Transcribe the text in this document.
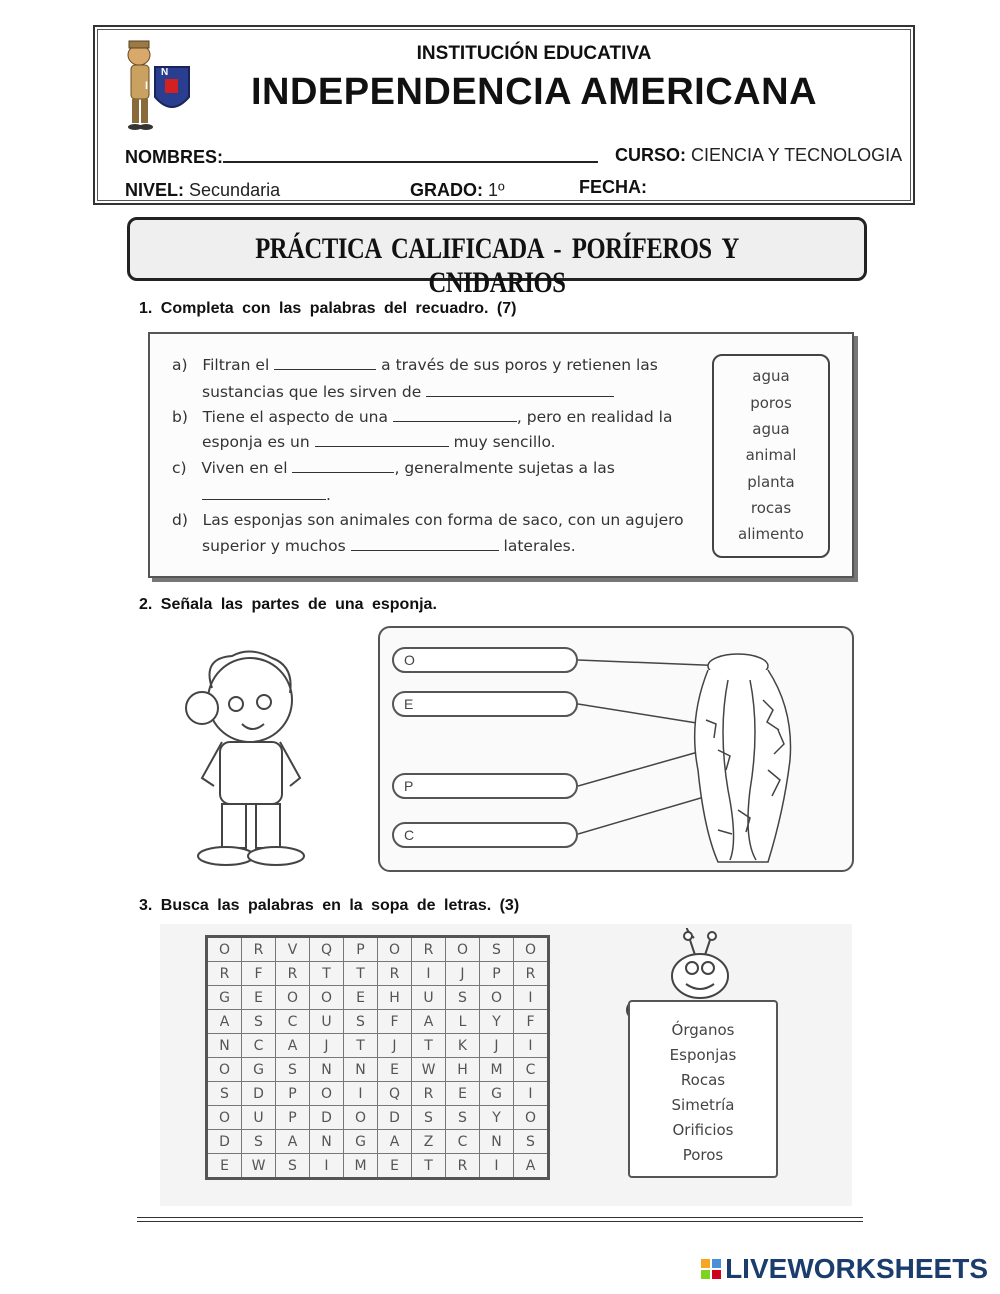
N
I
A
INSTITUCIÓN EDUCATIVA
INDEPENDENCIA AMERICANA
NOMBRES:	CURSO: CIENCIA Y TECNOLOGIA
NIVEL: Secundaria	GRADO: 1º	FECHA:
PRÁCTICA CALIFICADA - PORÍFEROS Y CNIDARIOS
1. Completa con las palabras del recuadro. (7)
a) Filtran el	a través de sus poros y retienen las
sustancias que les sirven de
b) Tiene el aspecto de una	, pero en realidad la
esponja es un	muy sencillo.
c) Viven en el	, generalmente sujetas a las
.
d) Las esponjas son animales con forma de saco, con un agujero
superior y muchos	laterales.
agua
poros
agua
animal
planta
rocas
alimento
2. Señala las partes de una esponja.
O
E
P
C
3. Busca las palabras en la sopa de letras. (3)
O	R	V	Q	P	O	R	O	S	O
R	F	R	T	T	R	I	J	P	R
G	E	O	O	E	H	U	S	O	I
A	S	C	U	S	F	A	L	Y	F
N	C	A	J	T	J	T	K	J	I
O	G	S	N	N	E	W	H	M	C
S	D	P	O	I	Q	R	E	G	I
O	U	P	D	O	D	S	S	Y	O
D	S	A	N	G	A	Z	C	N	S
E	W	S	I	M	E	T	R	I	A
Órganos
Esponjas
Rocas
Simetría
Orificios
Poros
LIVEWORKSHEETS
